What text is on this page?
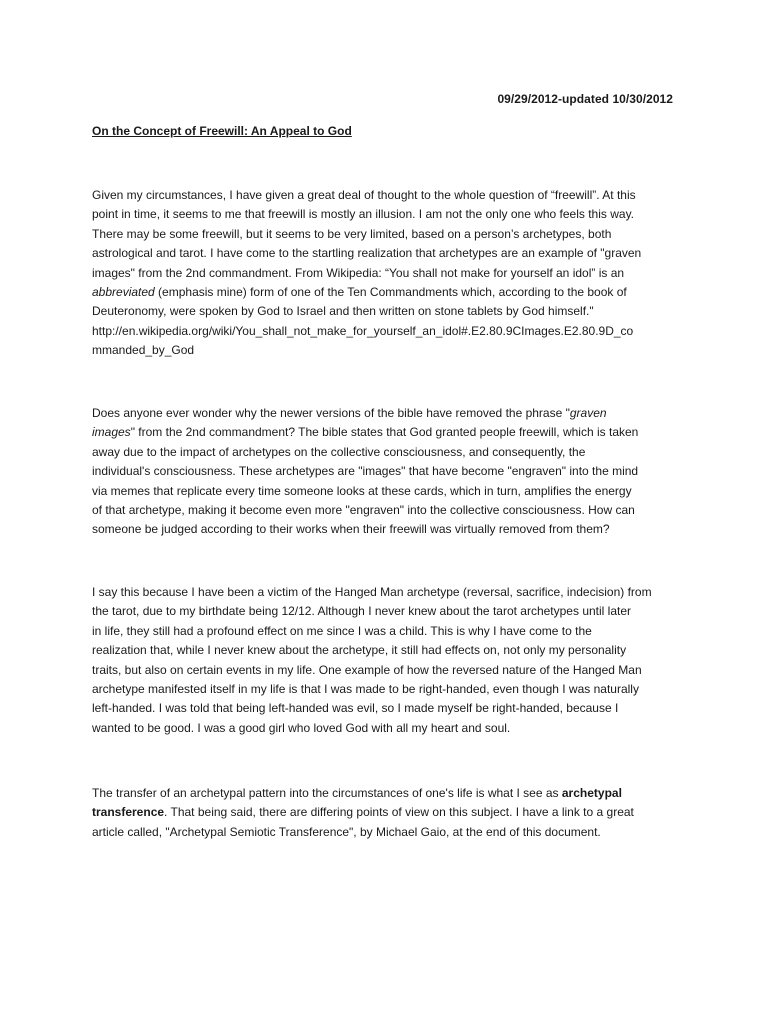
09/29/2012-updated 10/30/2012
On the Concept of Freewill: An Appeal to God
Given my circumstances, I have given a great deal of thought to the whole question of “freewill”. At this
point in time, it seems to me that freewill is mostly an illusion. I am not the only one who feels this way.
There may be some freewill, but it seems to be very limited, based on a person’s archetypes, both
astrological and tarot. I have come to the startling realization that archetypes are an example of "graven
images" from the 2nd commandment. From Wikipedia: “You shall not make for yourself an idol” is an
abbreviated (emphasis mine) form of one of the Ten Commandments which, according to the book of
Deuteronomy, were spoken by God to Israel and then written on stone tablets by God himself."
http://en.wikipedia.org/wiki/You_shall_not_make_for_yourself_an_idol#.E2.80.9CImages.E2.80.9D_co
mmanded_by_God
Does anyone ever wonder why the newer versions of the bible have removed the phrase "graven
images" from the 2nd commandment? The bible states that God granted people freewill, which is taken
away due to the impact of archetypes on the collective consciousness, and consequently, the
individual's consciousness. These archetypes are "images" that have become "engraven" into the mind
via memes that replicate every time someone looks at these cards, which in turn, amplifies the energy
of that archetype, making it become even more "engraven" into the collective consciousness. How can
someone be judged according to their works when their freewill was virtually removed from them?
I say this because I have been a victim of the Hanged Man archetype (reversal, sacrifice, indecision) from
the tarot, due to my birthdate being 12/12. Although I never knew about the tarot archetypes until later
in life, they still had a profound effect on me since I was a child. This is why I have come to the
realization that, while I never knew about the archetype, it still had effects on, not only my personality
traits, but also on certain events in my life. One example of how the reversed nature of the Hanged Man
archetype manifested itself in my life is that I was made to be right-handed, even though I was naturally
left-handed. I was told that being left-handed was evil, so I made myself be right-handed, because I
wanted to be good. I was a good girl who loved God with all my heart and soul.
The transfer of an archetypal pattern into the circumstances of one's life is what I see as archetypal
transference. That being said, there are differing points of view on this subject. I have a link to a great
article called, "Archetypal Semiotic Transference", by Michael Gaio, at the end of this document.
